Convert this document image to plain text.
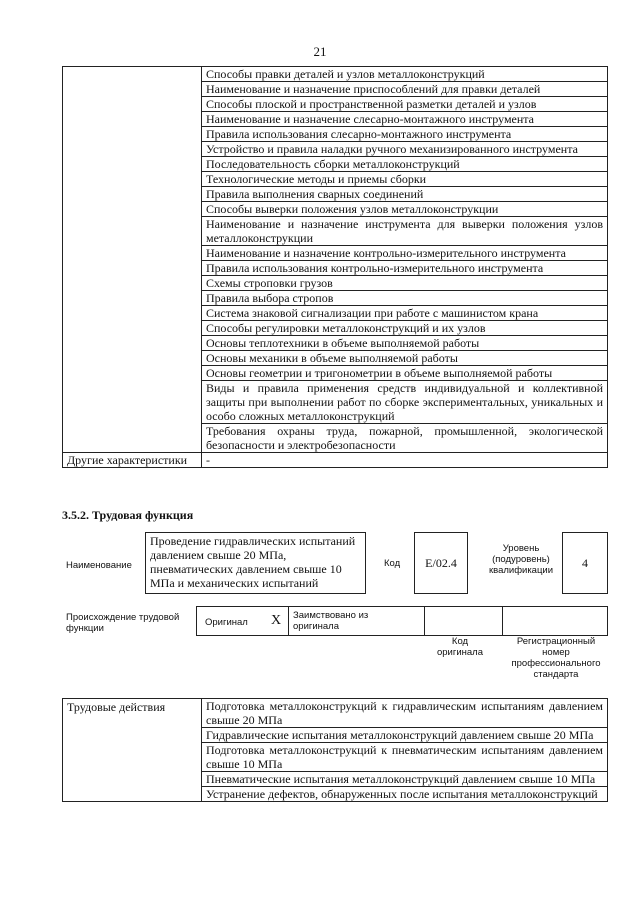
21
	Способы правки деталей и узлов металлоконструкций
	Наименование и назначение приспособлений для правки деталей
	Способы плоской и пространственной разметки деталей и узлов
	Наименование и назначение слесарно-монтажного инструмента
	Правила использования слесарно-монтажного инструмента
	Устройство и правила наладки ручного механизированного инструмента
	Последовательность сборки металлоконструкций
	Технологические методы и приемы сборки
	Правила выполнения сварных соединений
	Способы выверки положения узлов металлоконструкции
	Наименование и назначение инструмента для выверки положения узлов металлоконструкции
	Наименование и назначение контрольно-измерительного инструмента
	Правила использования контрольно-измерительного инструмента
	Схемы строповки грузов
	Правила выбора стропов
	Система знаковой сигнализации при работе с машинистом крана
	Способы регулировки металлоконструкций и их узлов
	Основы теплотехники в объеме выполняемой работы
	Основы механики в объеме выполняемой работы
	Основы геометрии и тригонометрии в объеме выполняемой работы
	Виды и правила применения средств индивидуальной и коллективной защиты при выполнении работ по сборке экспериментальных, уникальных и особо сложных металлоконструкций
	Требования охраны труда, пожарной, промышленной, экологической безопасности и электробезопасности
Другие характеристики	-
3.5.2. Трудовая функция
Наименование
Проведение гидравлических испытаний давлением свыше 20 МПа, пневматических давлением свыше 10 МПа и механических испытаний
Код E/02.4
Уровень (подуровень) квалификации
4
Происхождение трудовой функции
Оригинал X Заимствовано из оригинала
Код оригинала
Регистрационный номер профессионального стандарта
Трудовые действия	Подготовка металлоконструкций к гидравлическим испытаниям давлением свыше 20 МПа
Гидравлические испытания металлоконструкций давлением свыше 20 МПа
Подготовка металлоконструкций к пневматическим испытаниям давлением свыше 10 МПа
Пневматические испытания металлоконструкций давлением свыше 10 МПа
Устранение дефектов, обнаруженных после испытания металлоконструкций
